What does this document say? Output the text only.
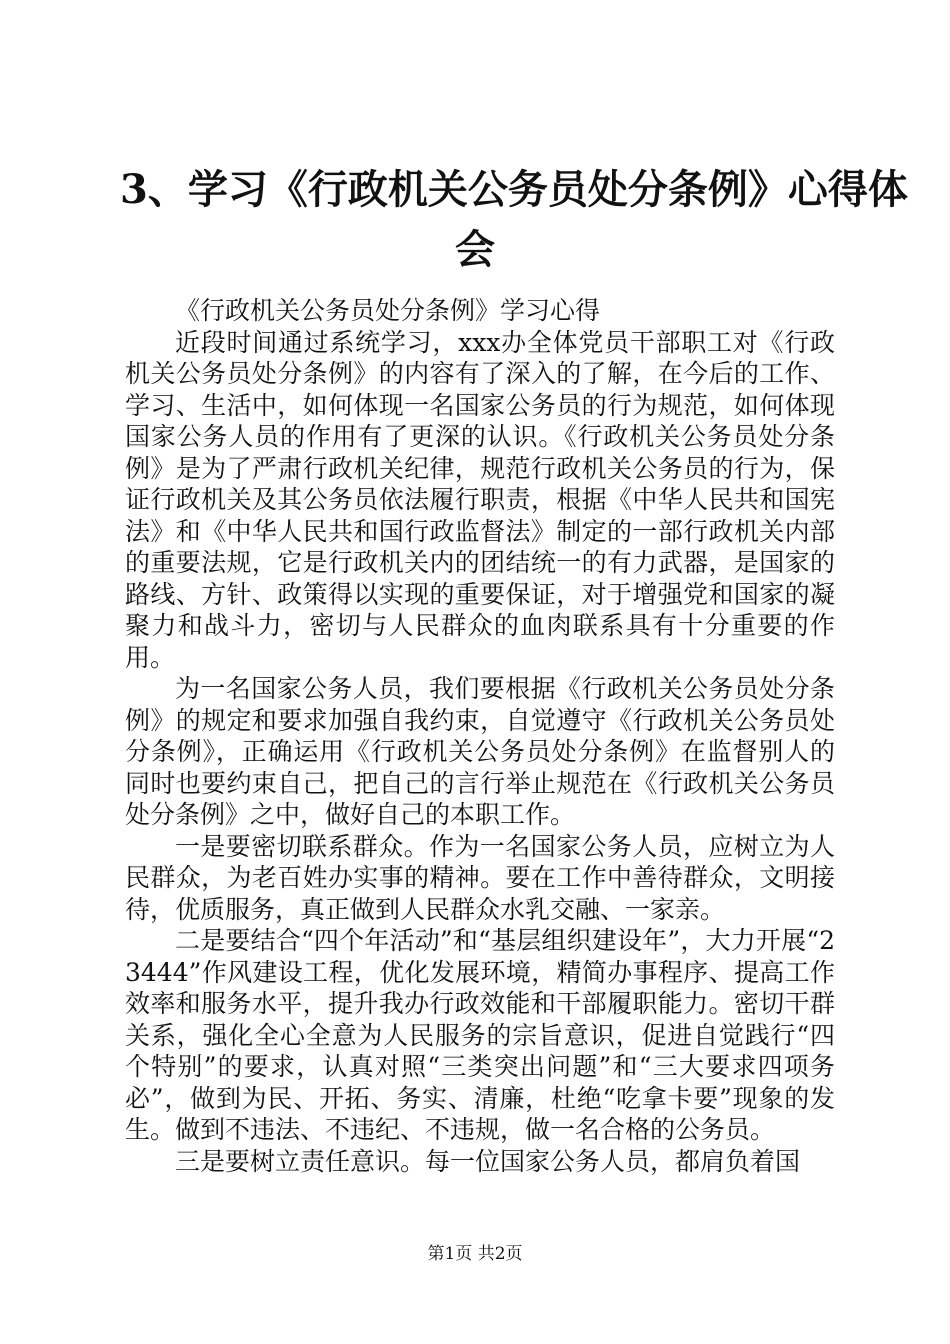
3、学习《行政机关公务员处分条例》心得体
会

《行政机关公务员处分条例》学习心得

近段时间通过系统学习，xxx办全体党员干部职工对《行政机关公务员处分条例》的内容有了深入的了解，在今后的工作、学习、生活中，如何体现一名国家公务员的行为规范，如何体现国家公务人员的作用有了更深的认识。《行政机关公务员处分条例》是为了严肃行政机关纪律，规范行政机关公务员的行为，保证行政机关及其公务员依法履行职责，根据《中华人民共和国宪法》和《中华人民共和国行政监督法》制定的一部行政机关内部的重要法规，它是行政机关内的团结统一的有力武器，是国家的路线、方针、政策得以实现的重要保证，对于增强党和国家的凝聚力和战斗力，密切与人民群众的血肉联系具有十分重要的作用。

为一名国家公务人员，我们要根据《行政机关公务员处分条例》的规定和要求加强自我约束，自觉遵守《行政机关公务员处分条例》，正确运用《行政机关公务员处分条例》在监督别人的同时也要约束自己，把自己的言行举止规范在《行政机关公务员处分条例》之中，做好自己的本职工作。

一是要密切联系群众。作为一名国家公务人员，应树立为人民群众，为老百姓办实事的精神。要在工作中善待群众，文明接待，优质服务，真正做到人民群众水乳交融、一家亲。

二是要结合“四个年活动”和“基层组织建设年”，大力开展“23444”作风建设工程，优化发展环境，精简办事程序、提高工作效率和服务水平，提升我办行政效能和干部履职能力。密切干群关系，强化全心全意为人民服务的宗旨意识，促进自觉践行“四个特别”的要求，认真对照“三类突出问题”和“三大要求四项务必”，做到为民、开拓、务实、清廉，杜绝“吃拿卡要”现象的发生。做到不违法、不违纪、不违规，做一名合格的公务员。

三是要树立责任意识。每一位国家公务人员，都肩负着国

第1页 共2页
